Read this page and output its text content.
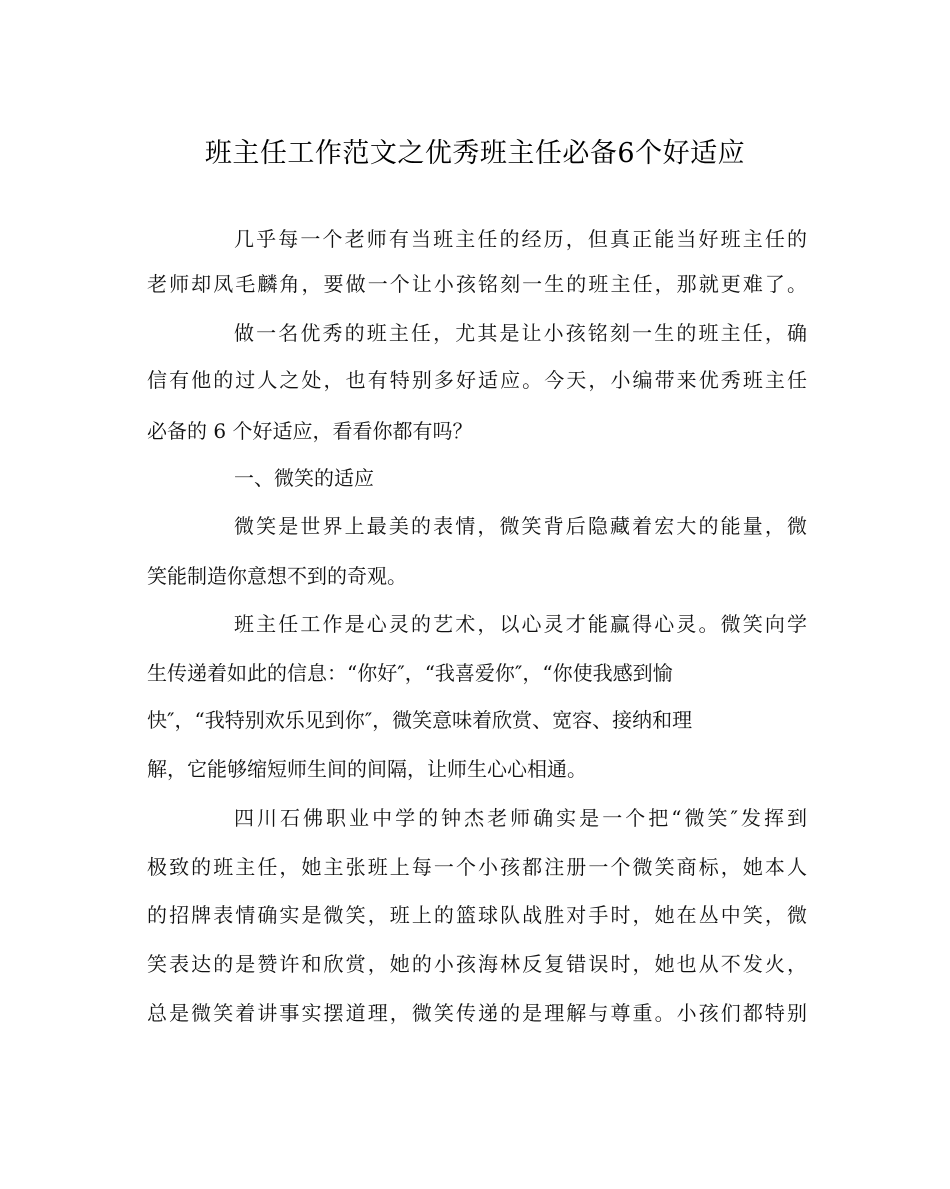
班主任工作范文之优秀班主任必备6个好适应
几乎每一个老师有当班主任的经历，但真正能当好班主任的
老师却凤毛麟角，要做一个让小孩铭刻一生的班主任，那就更难了。
做一名优秀的班主任，尤其是让小孩铭刻一生的班主任，确
信有他的过人之处，也有特别多好适应。今天，小编带来优秀班主任
必备的 6 个好适应，看看你都有吗？
一、微笑的适应
微笑是世界上最美的表情，微笑背后隐藏着宏大的能量，微
笑能制造你意想不到的奇观。
班主任工作是心灵的艺术，以心灵才能赢得心灵。微笑向学
生传递着如此的信息：“你好″，“我喜爱你″，“你使我感到愉
快″，“我特别欢乐见到你″，微笑意味着欣赏、宽容、接纳和理
解，它能够缩短师生间的间隔，让师生心心相通。
四川石佛职业中学的钟杰老师确实是一个把“微笑″发挥到
极致的班主任，她主张班上每一个小孩都注册一个微笑商标，她本人
的招牌表情确实是微笑，班上的篮球队战胜对手时，她在丛中笑，微
笑表达的是赞许和欣赏，她的小孩海林反复错误时，她也从不发火，
总是微笑着讲事实摆道理，微笑传递的是理解与尊重。小孩们都特别
